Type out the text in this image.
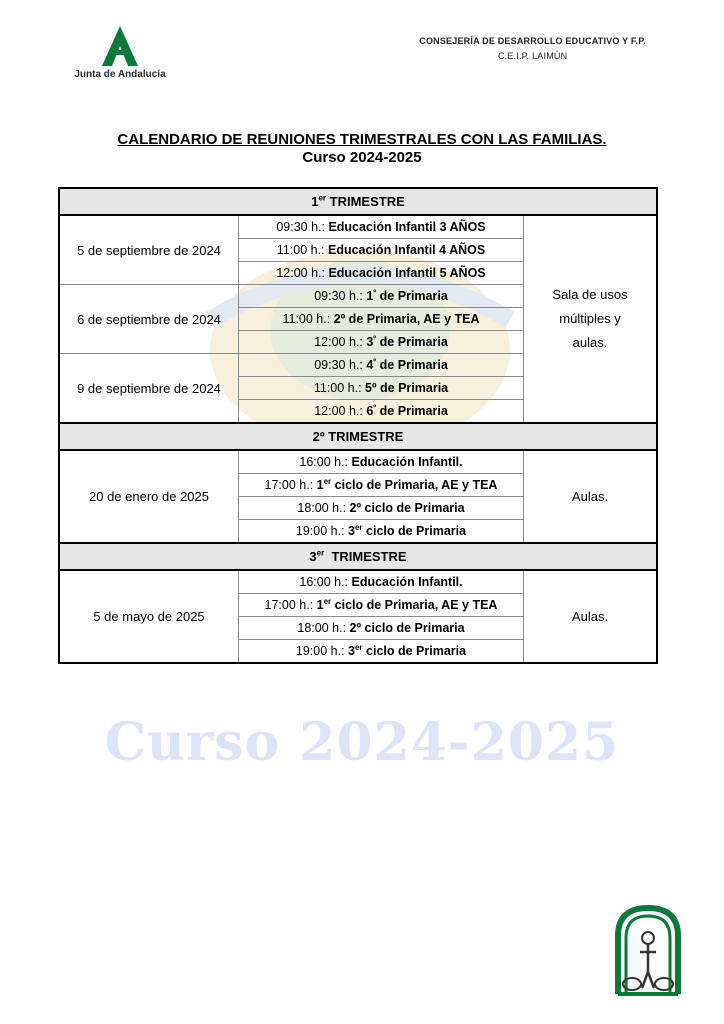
Junta de Andalucía
CONSEJERÍA DE DESARROLLO EDUCATIVO Y F.P.
C.E.I.P. LAIMÚN
CALENDARIO DE REUNIONES TRIMESTRALES CON LAS FAMILIAS.
Curso 2024-2025
1er TRIMESTRE		
5 de septiembre de 2024	09:30 h.: Educación Infantil 3 AÑOS	Sala de usos múltiples y aulas.
	11:00 h.: Educación Infantil 4 AÑOS	
	12:00 h.: Educación Infantil 5 AÑOS	
6 de septiembre de 2024	09:30 h.: $1^º$ de Primaria	
	11:00 h.: 2º de Primaria, AE y TEA	
	12:00 h.: $3^º$ de Primaria	
9 de septiembre de 2024	09:30 h.: $4^º$ de Primaria	
	11:00 h.: 5º de Primaria	
	12:00 h.: $6^º$ de Primaria	
2º TRIMESTRE		
20 de enero de 2025	16:00 h.: Educación Infantil.	Aulas.
	17:00 h.: 1er ciclo de Primaria, AE y TEA	
	18:00 h.: 2º ciclo de Primaria	
	19:00 h.: 3er ciclo de Primaria	
3er  TRIMESTRE		
5 de mayo de 2025	16:00 h.: Educación Infantil.	Aulas.
	17:00 h.: 1er ciclo de Primaria, AE y TEA	
	18:00 h.: 2º ciclo de Primaria	
	19:00 h.: 3er ciclo de Primaria	
Curso 2024-2025
